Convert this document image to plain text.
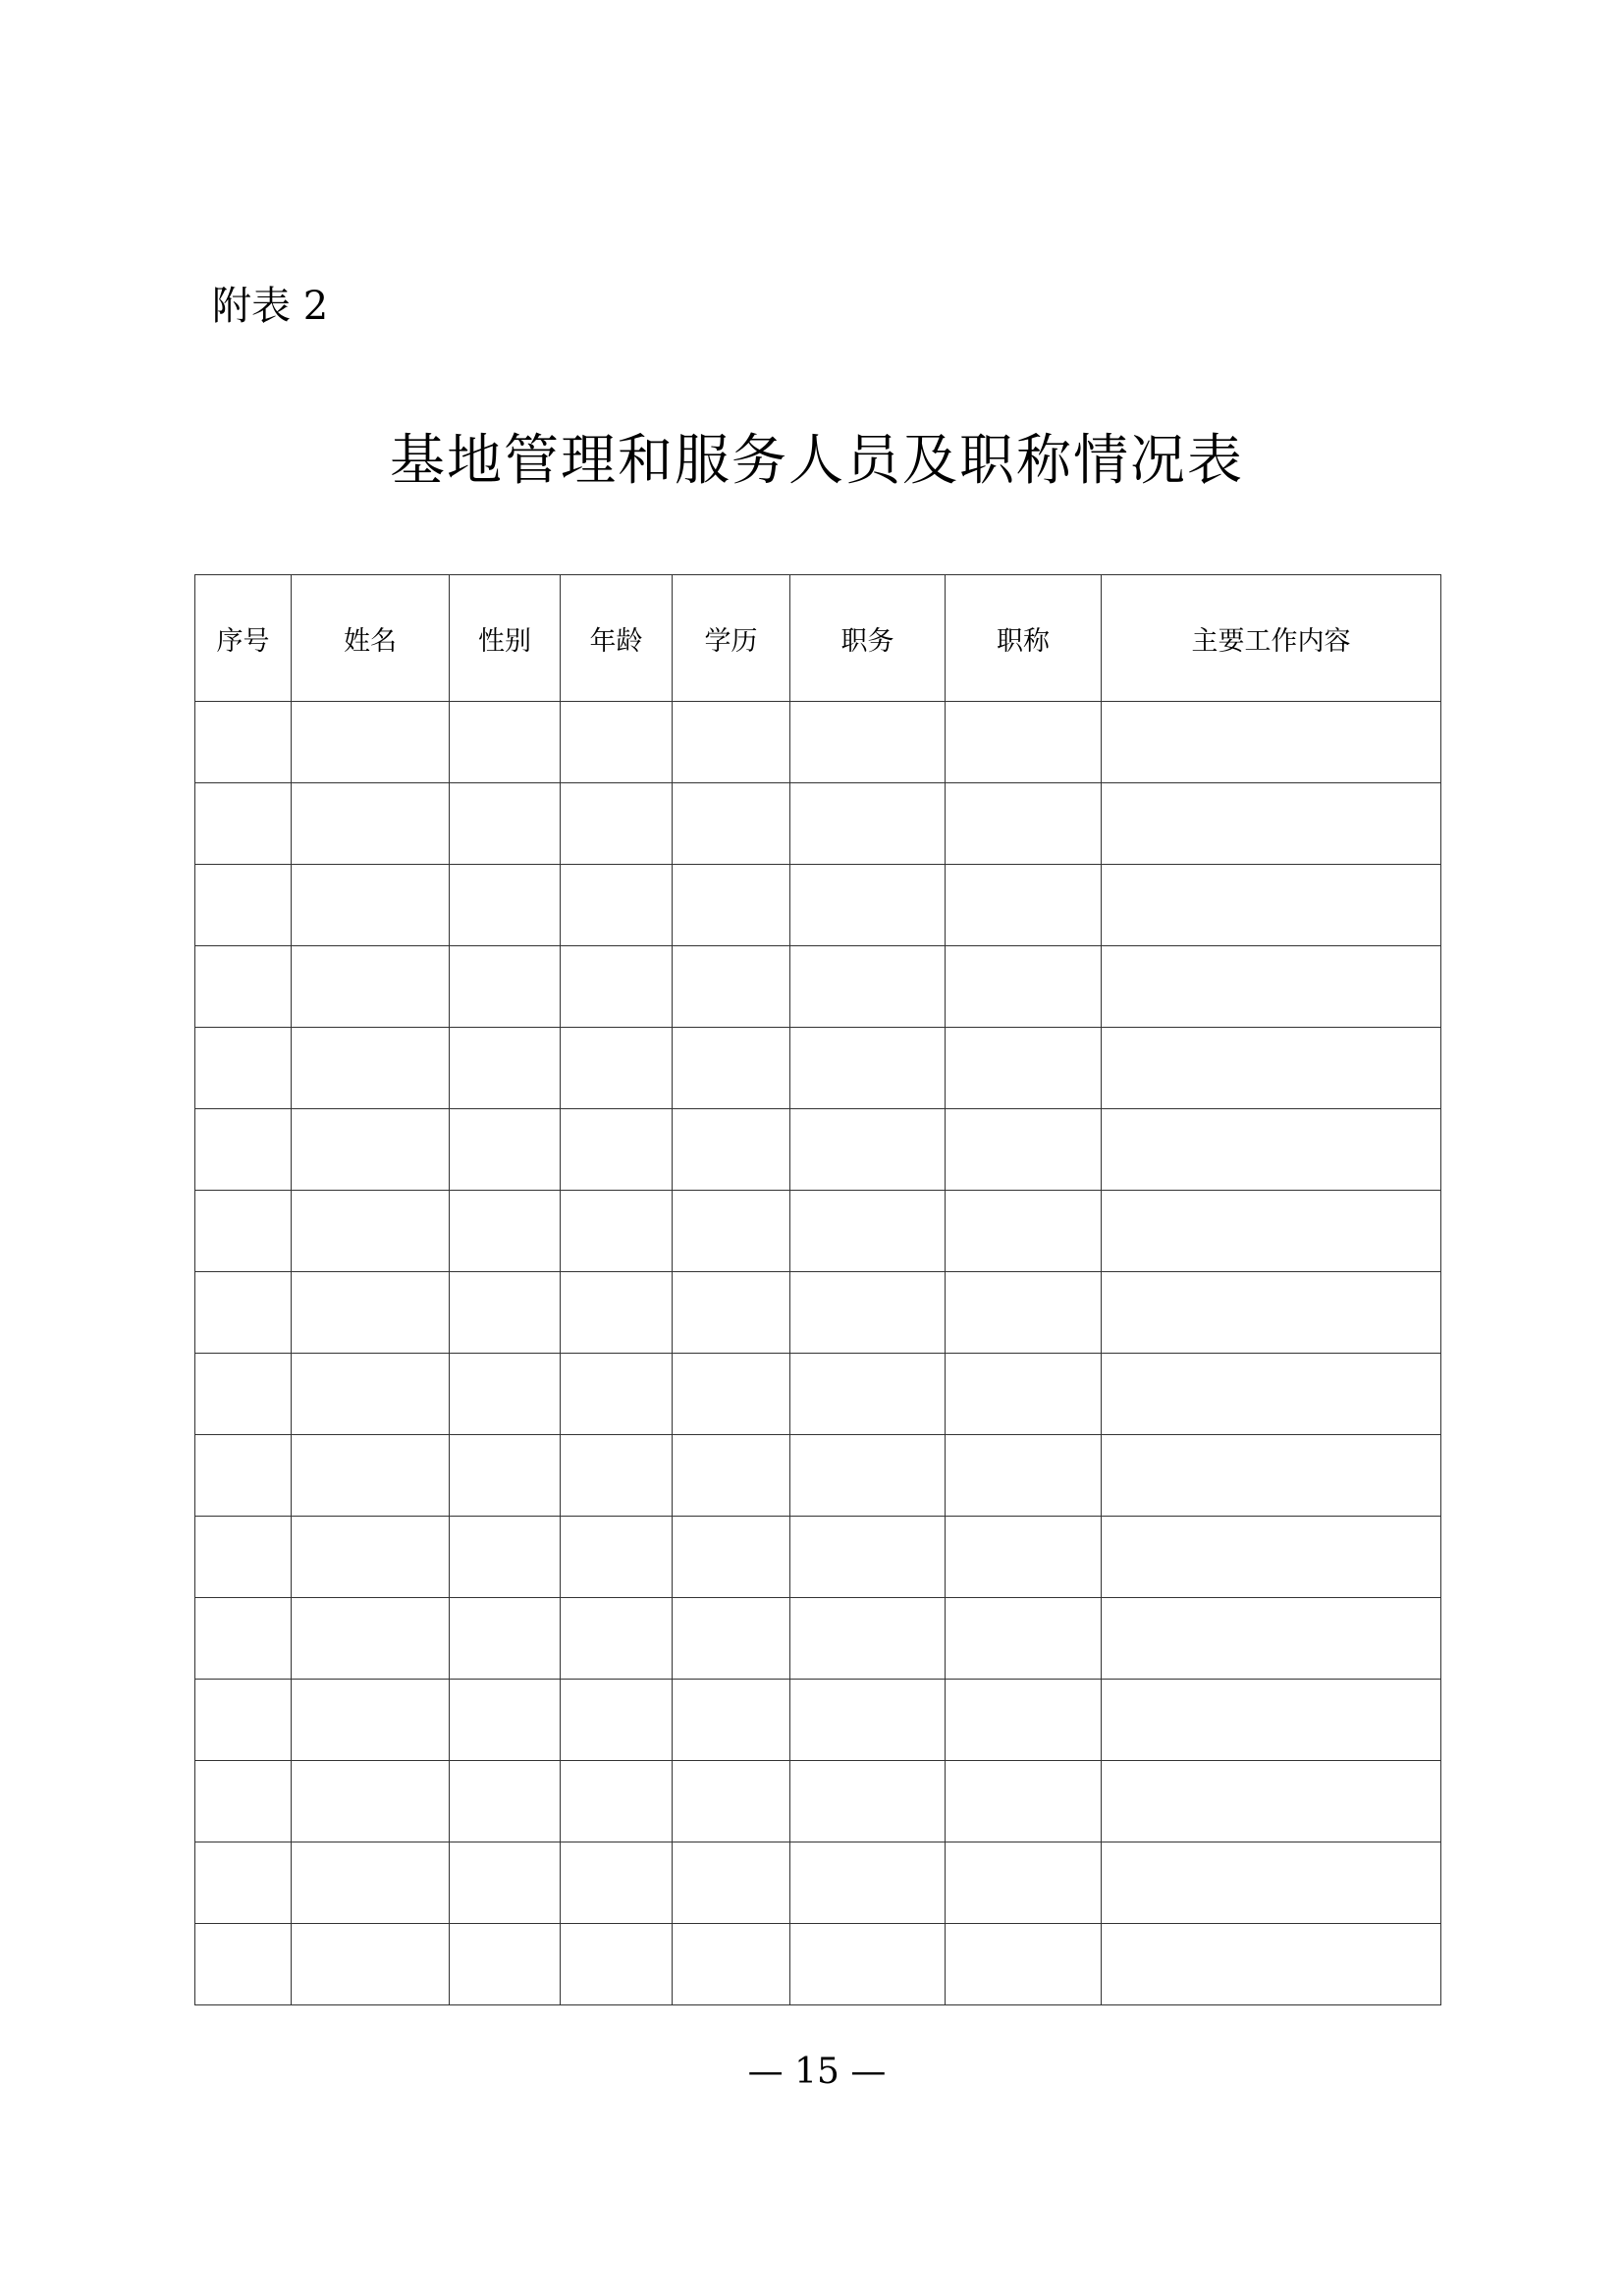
附表 2
基地管理和服务人员及职称情况表
序号	姓名	性别	年龄	学历	职务	职称	主要工作内容

— 15 —
